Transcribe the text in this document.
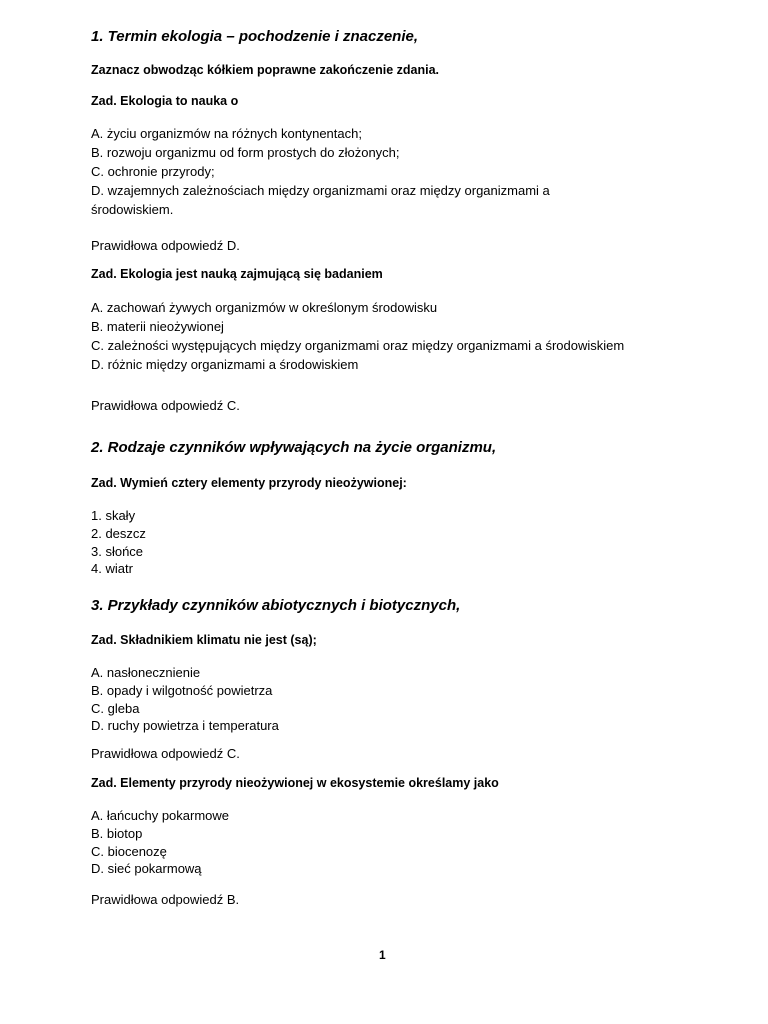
1. Termin ekologia – pochodzenie i znaczenie,
Zaznacz obwodząc kółkiem poprawne zakończenie zdania.
Zad. Ekologia to nauka o
A. życiu organizmów na różnych kontynentach;
B. rozwoju organizmu od form prostych do złożonych;
C. ochronie przyrody;
D. wzajemnych zależnościach między organizmami oraz między organizmami a
środowiskiem.
Prawidłowa odpowiedź D.
Zad. Ekologia jest nauką zajmującą się badaniem
A. zachowań żywych organizmów w określonym środowisku
B. materii nieożywionej
C. zależności występujących między organizmami oraz między organizmami a środowiskiem
D. różnic między organizmami a środowiskiem
Prawidłowa odpowiedź C.
2. Rodzaje czynników wpływających na życie organizmu,
Zad. Wymień cztery elementy przyrody nieożywionej:
1. skały
2. deszcz
3. słońce
4. wiatr
3. Przykłady czynników abiotycznych i biotycznych,
Zad. Składnikiem klimatu nie jest (są);
A. nasłonecznienie
B. opady i wilgotność powietrza
C. gleba
D. ruchy powietrza i temperatura
Prawidłowa odpowiedź C.
Zad. Elementy przyrody nieożywionej w ekosystemie określamy jako
A. łańcuchy pokarmowe
B. biotop
C. biocenozę
D. sieć pokarmową
Prawidłowa odpowiedź B.
1
